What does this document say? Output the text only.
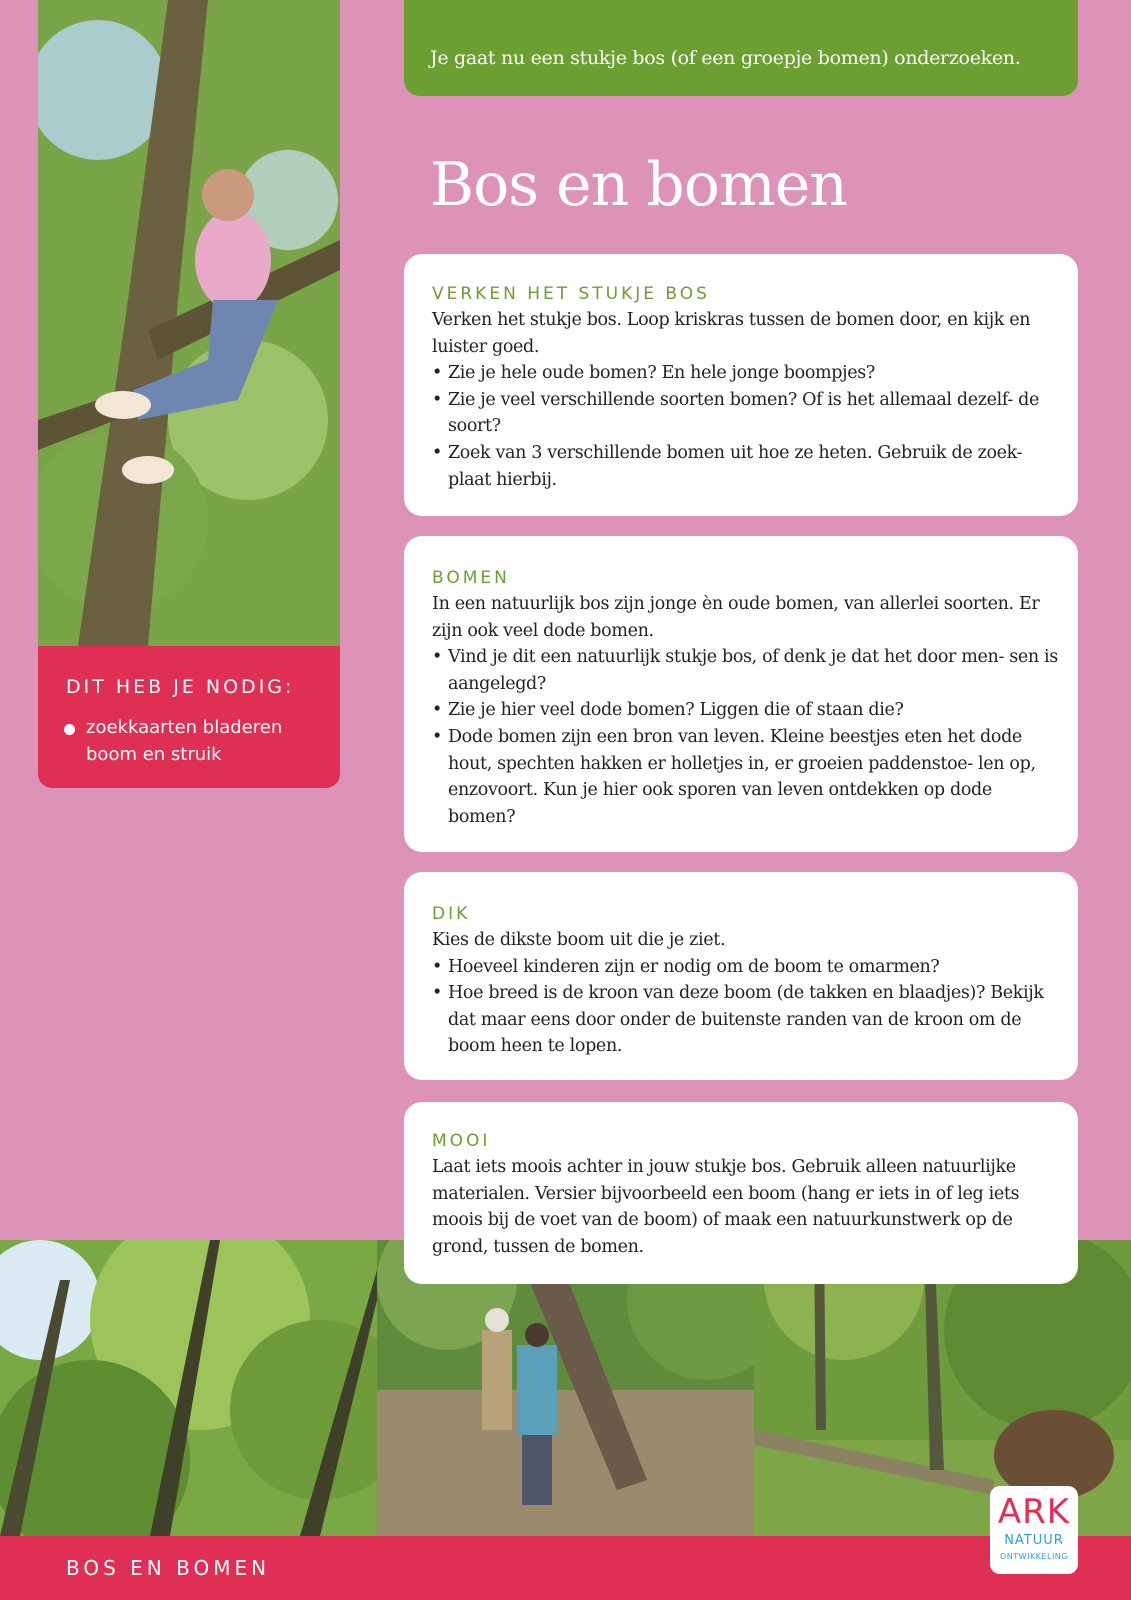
DIT HEB JE NODIG:
zoekkaarten bladeren boom en struik
Je gaat nu een stukje bos (of een groepje bomen) onderzoeken.
Bos en bomen
VERKEN HET STUKJE BOS
Verken het stukje bos. Loop kriskras tussen de bomen door, en kijk en luister goed.
• Zie je hele oude bomen? En hele jonge boompjes?
• Zie je veel verschillende soorten bomen? Of is het allemaal dezelf- de soort?
• Zoek van 3 verschillende bomen uit hoe ze heten. Gebruik de zoek- plaat hierbij.
BOMEN
In een natuurlijk bos zijn jonge èn oude bomen, van allerlei soorten. Er zijn ook veel dode bomen.
• Vind je dit een natuurlijk stukje bos, of denk je dat het door men- sen is aangelegd?
• Zie je hier veel dode bomen? Liggen die of staan die?
• Dode bomen zijn een bron van leven. Kleine beestjes eten het dode hout, spechten hakken er holletjes in, er groeien paddenstoe- len op, enzovoort. Kun je hier ook sporen van leven ontdekken op dode bomen?
DIK
Kies de dikste boom uit die je ziet.
• Hoeveel kinderen zijn er nodig om de boom te omarmen?
• Hoe breed is de kroon van deze boom (de takken en blaadjes)? Bekijk dat maar eens door onder de buitenste randen van de kroon om de boom heen te lopen.
MOOI
Laat iets moois achter in jouw stukje bos. Gebruik alleen natuurlijke materialen. Versier bijvoorbeeld een boom (hang er iets in of leg iets moois bij de voet van de boom) of maak een natuurkunstwerk op de grond, tussen de bomen.
BOS EN BOMEN
ARK
NATUUR
ONTWIKKELING
